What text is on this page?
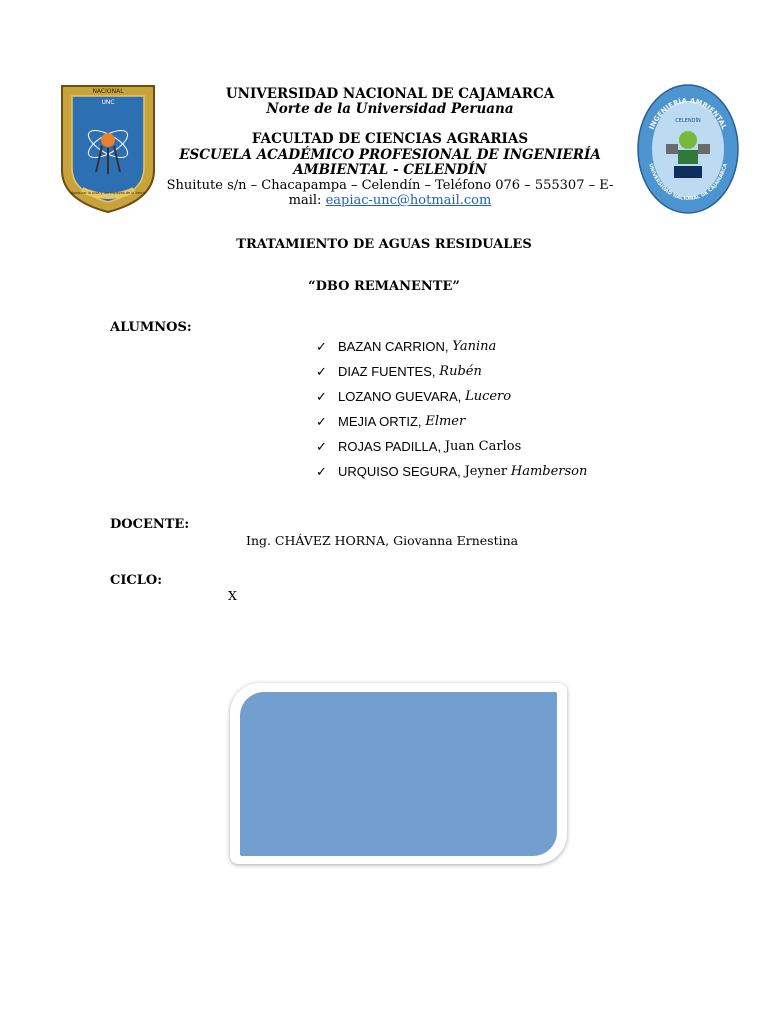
NACIONAL
UNC
Asegurar la vida y las riquezas de la tierra
INGENIERÍA AMBIENTAL
UNIVERSIDAD NACIONAL DE CAJAMARCA
CELENDÍN
UNIVERSIDAD NACIONAL DE CAJAMARCA
Norte de la Universidad Peruana
FACULTAD DE CIENCIAS AGRARIAS
ESCUELA ACADÉMICO PROFESIONAL DE INGENIERÍA
AMBIENTAL - CELENDÍN
Shuitute s/n – Chacapampa – Celendín – Teléfono 076 – 555307 – E-
mail: eapiac-unc@hotmail.com
TRATAMIENTO DE AGUAS RESIDUALES
“DBO REMANENTE”
ALUMNOS:
✓ BAZAN CARRION,
Yanina
✓ DIAZ FUENTES,
Rubén
✓ LOZANO GUEVARA,
Lucero
✓ MEJIA ORTIZ,
Elmer
✓ ROJAS PADILLA,
Juan Carlos
✓ URQUISO SEGURA,
Jeyner
Hamberson
DOCENTE:
Ing. CHÁVEZ HORNA, Giovanna Ernestina
CICLO:
X
